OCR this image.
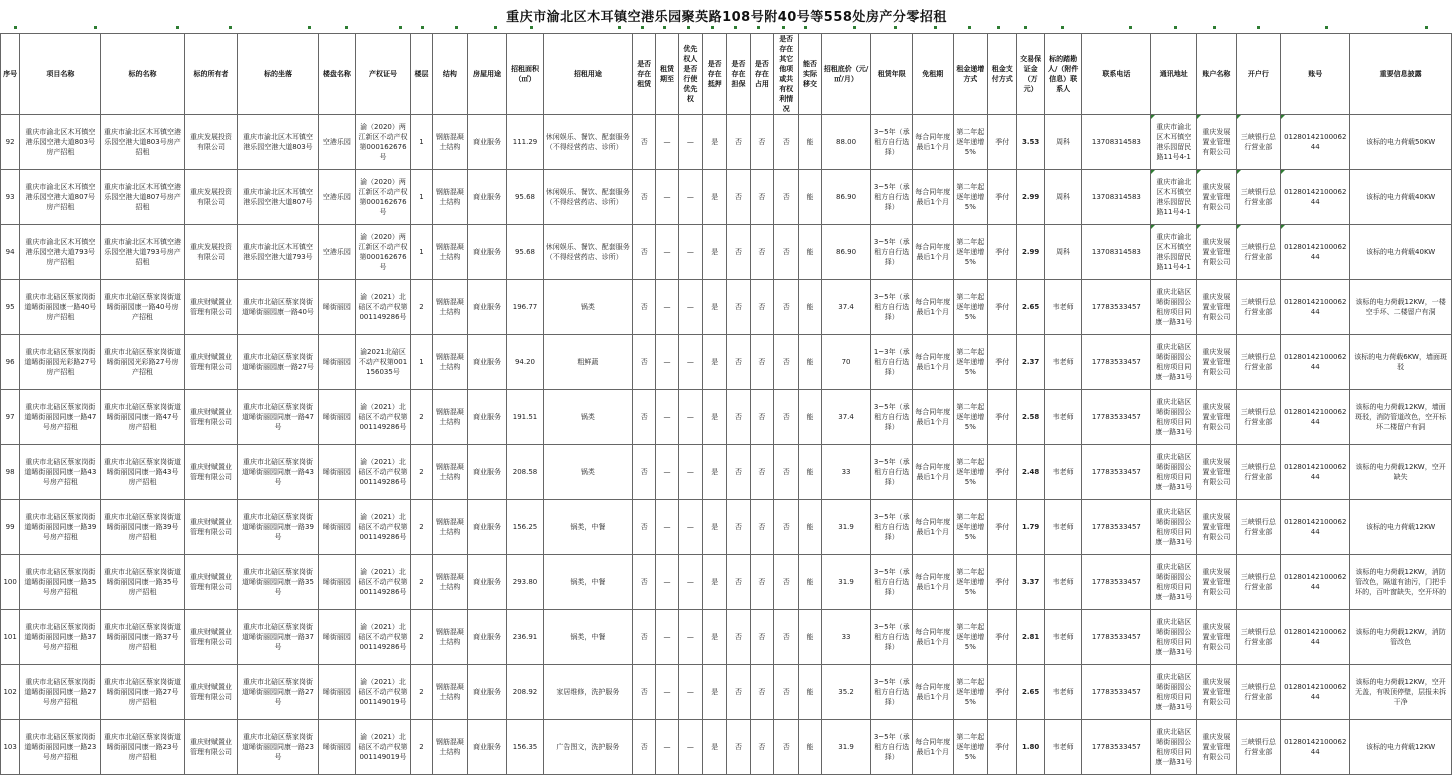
重庆市渝北区木耳镇空港乐园聚英路108号附40号等558处房产分零招租
序号	项目名称	标的名称	标的所有者	标的坐落	楼盘名称	产权证号	楼层	结构	房屋用途	招租面积（㎡）	招租用途	是否存在租赁	租赁期至	优先权人是否行使优先权	是否存在抵押	是否存在担保	是否存在占用	是否存在其它他项或共有权利情况	能否实际移交	招租底价（元/㎡/月）	租赁年限	免租期	租金递增方式	租金支付方式	交易保证金（万元）	标的踏勘人/（附件信息）联系人	联系电话	通讯地址	账户名称	开户行	账号	重要信息披露
92	重庆市渝北区木耳镇空港乐园空港大道803号房产招租	重庆市渝北区木耳镇空港乐园空港大道803号房产招租	重庆发展投资有限公司	重庆市渝北区木耳镇空港乐园空港大道803号	空港乐园	渝（2020）两江新区不动产权第000162676号	1	钢筋混凝土结构	商业服务	111.29	休闲娱乐、餐饮、配套服务（不得经营药店、诊所）	否	—	—	是	否	否	否	能	88.00	3~5年（承租方自行选择）	每合同年度最后1个月	第二年起逐年递增5%	季付	3.53	周科	13708314583	重庆市渝北区木耳镇空港乐园留民路11号4-1	重庆发展置业管理有限公司	三峡银行总行营业部	0128014210006244	该标的电力荷载50KW
93	重庆市渝北区木耳镇空港乐园空港大道807号房产招租	重庆市渝北区木耳镇空港乐园空港大道807号房产招租	重庆发展投资有限公司	重庆市渝北区木耳镇空港乐园空港大道807号	空港乐园	渝（2020）两江新区不动产权第000162676号	1	钢筋混凝土结构	商业服务	95.68	休闲娱乐、餐饮、配套服务（不得经营药店、诊所）	否	—	—	是	否	否	否	能	86.90	3~5年（承租方自行选择）	每合同年度最后1个月	第二年起逐年递增5%	季付	2.99	周科	13708314583	重庆市渝北区木耳镇空港乐园留民路11号4-1	重庆发展置业管理有限公司	三峡银行总行营业部	0128014210006244	该标的电力荷载40KW
94	重庆市渝北区木耳镇空港乐园空港大道793号房产招租	重庆市渝北区木耳镇空港乐园空港大道793号房产招租	重庆发展投资有限公司	重庆市渝北区木耳镇空港乐园空港大道793号	空港乐园	渝（2020）两江新区不动产权第000162676号	1	钢筋混凝土结构	商业服务	95.68	休闲娱乐、餐饮、配套服务（不得经营药店、诊所）	否	—	—	是	否	否	否	能	86.90	3~5年（承租方自行选择）	每合同年度最后1个月	第二年起逐年递增5%	季付	2.99	周科	13708314583	重庆市渝北区木耳镇空港乐园留民路11号4-1	重庆发展置业管理有限公司	三峡银行总行营业部	0128014210006244	该标的电力荷载40KW
95	重庆市北碚区蔡家岗街道晞街丽园康一路40号房产招租	重庆市北碚区蔡家岗街道晞街丽园康一路40号房产招租	重庆财赋置业管理有限公司	重庆市北碚区蔡家岗街道晞街丽园康一路40号	晞街丽园	渝（2021）北碚区不动产权第001149286号	2	钢筋混凝土结构	商业服务	196.77	锅类	否	—	—	是	否	否	否	能	37.4	3~5年（承租方自行选择）	每合同年度最后1个月	第二年起逐年递增5%	季付	2.65	韦老师	17783533457	重庆北碚区晞街丽园公租房项目同康一路31号	重庆发展置业管理有限公司	三峡银行总行营业部	0128014210006244	该标的电力荷载12KW，一楼空手坏、二楼留户有洞
96	重庆市北碚区蔡家岗街道晞街丽园光彩路27号房产招租	重庆市北碚区蔡家岗街道晞街丽园光彩路27号房产招租	重庆财赋置业管理有限公司	重庆市北碚区蔡家岗街道晞街丽园康一路27号	晞街丽园	渝2021北碚区不动产权第001156035号	1	钢筋混凝土结构	商业服务	94.20	粗鲜蔬	否	—	—	是	否	否	否	能	70	1~3年（承租方自行选择）	每合同年度最后1个月	第二年起逐年递增5%	季付	2.37	韦老师	17783533457	重庆北碚区晞街丽园公租房项目同康一路31号	重庆发展置业管理有限公司	三峡银行总行营业部	0128014210006244	该标的电力荷载6KW，墙面斑驳
97	重庆市北碚区蔡家岗街道晞街丽园同康一路47号房产招租	重庆市北碚区蔡家岗街道晞街丽园同康一路47号房产招租	重庆财赋置业管理有限公司	重庆市北碚区蔡家岗街道晞街丽园同康一路47号	晞街丽园	渝（2021）北碚区不动产权第001149286号	2	钢筋混凝土结构	商业服务	191.51	锅类	否	—	—	是	否	否	否	能	37.4	3~5年（承租方自行选择）	每合同年度最后1个月	第二年起逐年递增5%	季付	2.58	韦老师	17783533457	重庆北碚区晞街丽园公租房项目同康一路31号	重庆发展置业管理有限公司	三峡银行总行营业部	0128014210006244	该标的电力荷载12KW，墙面斑驳，消防管道改色，空开标坏二楼留户有洞
98	重庆市北碚区蔡家岗街道晞街丽园同康一路43号房产招租	重庆市北碚区蔡家岗街道晞街丽园同康一路43号房产招租	重庆财赋置业管理有限公司	重庆市北碚区蔡家岗街道晞街丽园同康一路43号	晞街丽园	渝（2021）北碚区不动产权第001149286号	2	钢筋混凝土结构	商业服务	208.58	锅类	否	—	—	是	否	否	否	能	33	3~5年（承租方自行选择）	每合同年度最后1个月	第二年起逐年递增5%	季付	2.48	韦老师	17783533457	重庆北碚区晞街丽园公租房项目同康一路31号	重庆发展置业管理有限公司	三峡银行总行营业部	0128014210006244	该标的电力荷载12KW，空开缺失
99	重庆市北碚区蔡家岗街道晞街丽园同康一路39号房产招租	重庆市北碚区蔡家岗街道晞街丽园同康一路39号房产招租	重庆财赋置业管理有限公司	重庆市北碚区蔡家岗街道晞街丽园同康一路39号	晞街丽园	渝（2021）北碚区不动产权第001149286号	2	钢筋混凝土结构	商业服务	156.25	锅类，中餐	否	—	—	是	否	否	否	能	31.9	3~5年（承租方自行选择）	每合同年度最后1个月	第二年起逐年递增5%	季付	1.79	韦老师	17783533457	重庆北碚区晞街丽园公租房项目同康一路31号	重庆发展置业管理有限公司	三峡银行总行营业部	0128014210006244	该标的电力荷载12KW
100	重庆市北碚区蔡家岗街道晞街丽园同康一路35号房产招租	重庆市北碚区蔡家岗街道晞街丽园同康一路35号房产招租	重庆财赋置业管理有限公司	重庆市北碚区蔡家岗街道晞街丽园同康一路35号	晞街丽园	渝（2021）北碚区不动产权第001149286号	2	钢筋混凝土结构	商业服务	293.80	锅类，中餐	否	—	—	是	否	否	否	能	31.9	3~5年（承租方自行选择）	每合同年度最后1个月	第二年起逐年递增5%	季付	3.37	韦老师	17783533457	重庆北碚区晞街丽园公租房项目同康一路31号	重庆发展置业管理有限公司	三峡银行总行营业部	0128014210006244	该标的电力荷载12KW，消防管改色，隔道有油污，门把手坏的，百叶窗缺失，空开坏的
101	重庆市北碚区蔡家岗街道晞街丽园同康一路37号房产招租	重庆市北碚区蔡家岗街道晞街丽园同康一路37号房产招租	重庆财赋置业管理有限公司	重庆市北碚区蔡家岗街道晞街丽园同康一路37号	晞街丽园	渝（2021）北碚区不动产权第001149286号	2	钢筋混凝土结构	商业服务	236.91	锅类，中餐	否	—	—	是	否	否	否	能	33	3~5年（承租方自行选择）	每合同年度最后1个月	第二年起逐年递增5%	季付	2.81	韦老师	17783533457	重庆北碚区晞街丽园公租房项目同康一路31号	重庆发展置业管理有限公司	三峡银行总行营业部	0128014210006244	该标的电力荷载12KW，消防管改色
102	重庆市北碚区蔡家岗街道晞街丽园同康一路27号房产招租	重庆市北碚区蔡家岗街道晞街丽园同康一路27号房产招租	重庆财赋置业管理有限公司	重庆市北碚区蔡家岗街道晞街丽园同康一路27号	晞街丽园	渝（2021）北碚区不动产权第001149019号	2	钢筋混凝土结构	商业服务	208.92	家居维修，洗护服务	否	—	—	是	否	否	否	能	35.2	3~5年（承租方自行选择）	每合同年度最后1个月	第二年起逐年递增5%	季付	2.65	韦老师	17783533457	重庆北碚区晞街丽园公租房项目同康一路31号	重庆发展置业管理有限公司	三峡银行总行营业部	0128014210006244	该标的电力荷载12KW，空开无盖，有吸顶停壁，层报未拆干净
103	重庆市北碚区蔡家岗街道晞街丽园同康一路23号房产招租	重庆市北碚区蔡家岗街道晞街丽园同康一路23号房产招租	重庆财赋置业管理有限公司	重庆市北碚区蔡家岗街道晞街丽园同康一路23号	晞街丽园	渝（2021）北碚区不动产权第001149019号	2	钢筋混凝土结构	商业服务	156.35	广告图文，洗护服务	否	—	—	是	否	否	否	能	31.9	3~5年（承租方自行选择）	每合同年度最后1个月	第二年起逐年递增5%	季付	1.80	韦老师	17783533457	重庆北碚区晞街丽园公租房项目同康一路31号	重庆发展置业管理有限公司	三峡银行总行营业部	0128014210006244	该标的电力荷载12KW
